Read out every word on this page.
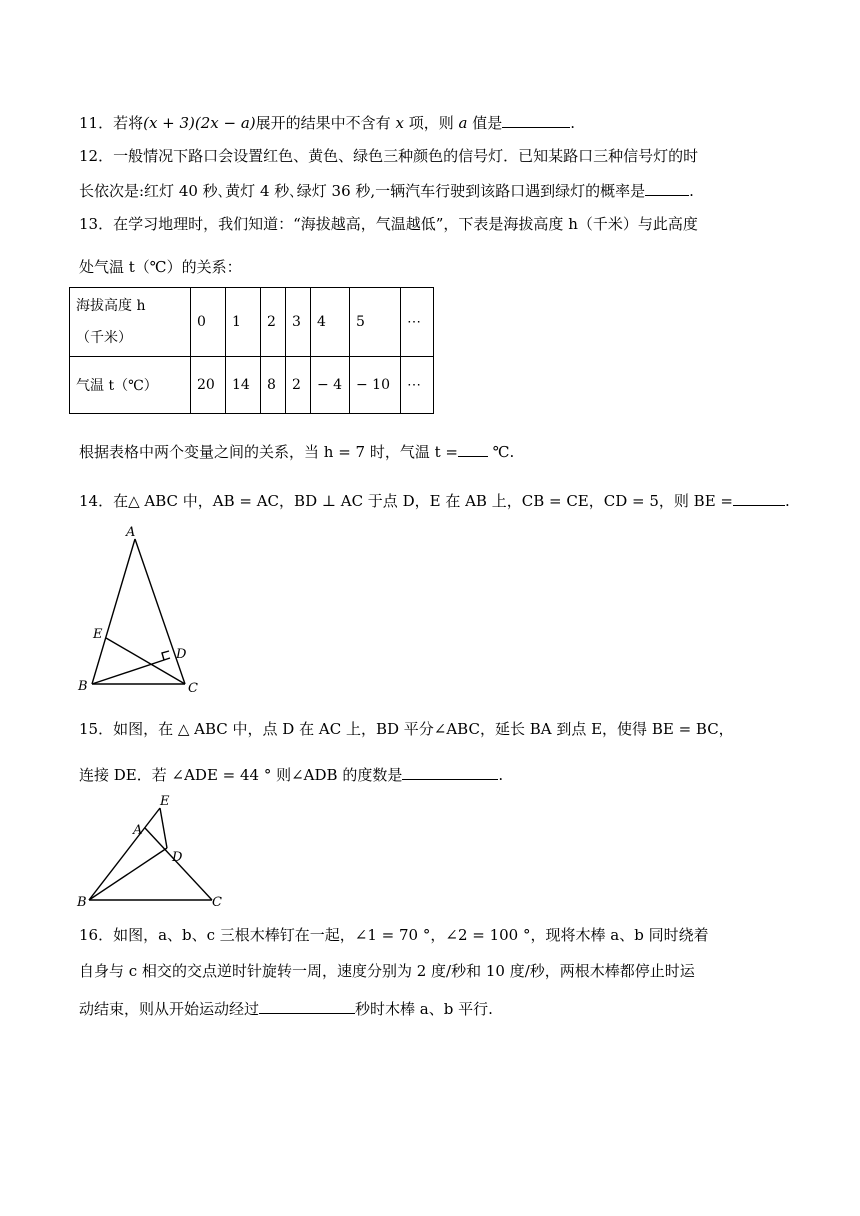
11．若将(x + 3)(2x − a)展开的结果中不含有 x 项，则 a 值是	.
12．一般情况下路口会设置红色、黄色、绿色三种颜色的信号灯．已知某路口三种信号灯的时
长依次是:红灯 40 秒､黄灯 4 秒､绿灯 36 秒,一辆汽车行驶到该路口遇到绿灯的概率是	.
13．在学习地理时，我们知道：“海拔越高，气温越低”，下表是海拔高度 h（千米）与此高度
处气温 t（℃）的关系：
海拔高度 h
（千米）	0	1	2	3	4	5	⋯
气温 t（℃）	20	14	8	2	− 4	− 10	⋯
根据表格中两个变量之间的关系，当 h = 7 时，气温 t = ℃.
14．在△ ABC 中，AB = AC，BD ⊥ AC 于点 D，E 在 AB 上，CB = CE，CD = 5，则 BE =	.
A
B	C
D
E
15．如图，在 △ ABC 中，点 D 在 AC 上，BD 平分∠ABC，延长 BA 到点 E，使得 BE = BC，
连接 DE．若 ∠ADE = 44 ° 则∠ADB 的度数是	.
E
A
D
B	C
16．如图，a、b、c 三根木棒钉在一起，∠1 = 70 °，∠2 = 100 °，现将木棒 a、b 同时绕着
自身与 c 相交的交点逆时针旋转一周，速度分别为 2 度/秒和 10 度/秒，两根木棒都停止时运
动结束，则从开始运动经过	秒时木棒 a、b 平行.
